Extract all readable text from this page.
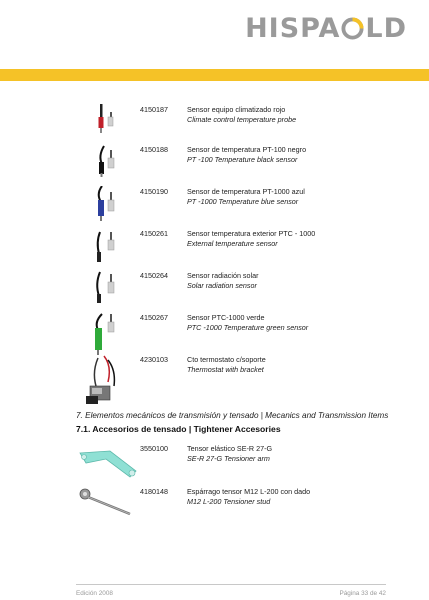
HISPA LD
4150187	Sensor equipo climatizado rojo
Climate control temperature probe
4150188	Sensor de temperatura PT-100 negro
PT -100 Temperature black sensor
4150190	Sensor de temperatura PT-1000 azul
PT -1000 Temperature blue sensor
4150261	Sensor temperatura exterior PTC - 1000
External temperature sensor
4150264	Sensor radiación solar
Solar radiation sensor
4150267	Sensor PTC-1000 verde
PTC -1000 Temperature green sensor
4230103	Cto termostato c/soporte
Thermostat with bracket
7. Elementos mecánicos de transmisión y tensado | Mecanics and Transmission Items
7.1. Accesorios de tensado | Tightener Accesories
3550100	Tensor elástico SE-R 27-G
SE-R 27-G Tensioner arm
4180148	Espárrago tensor M12 L-200 con dado
M12 L-200 Tensioner stud
Edición 2008	Página 33 de 42
